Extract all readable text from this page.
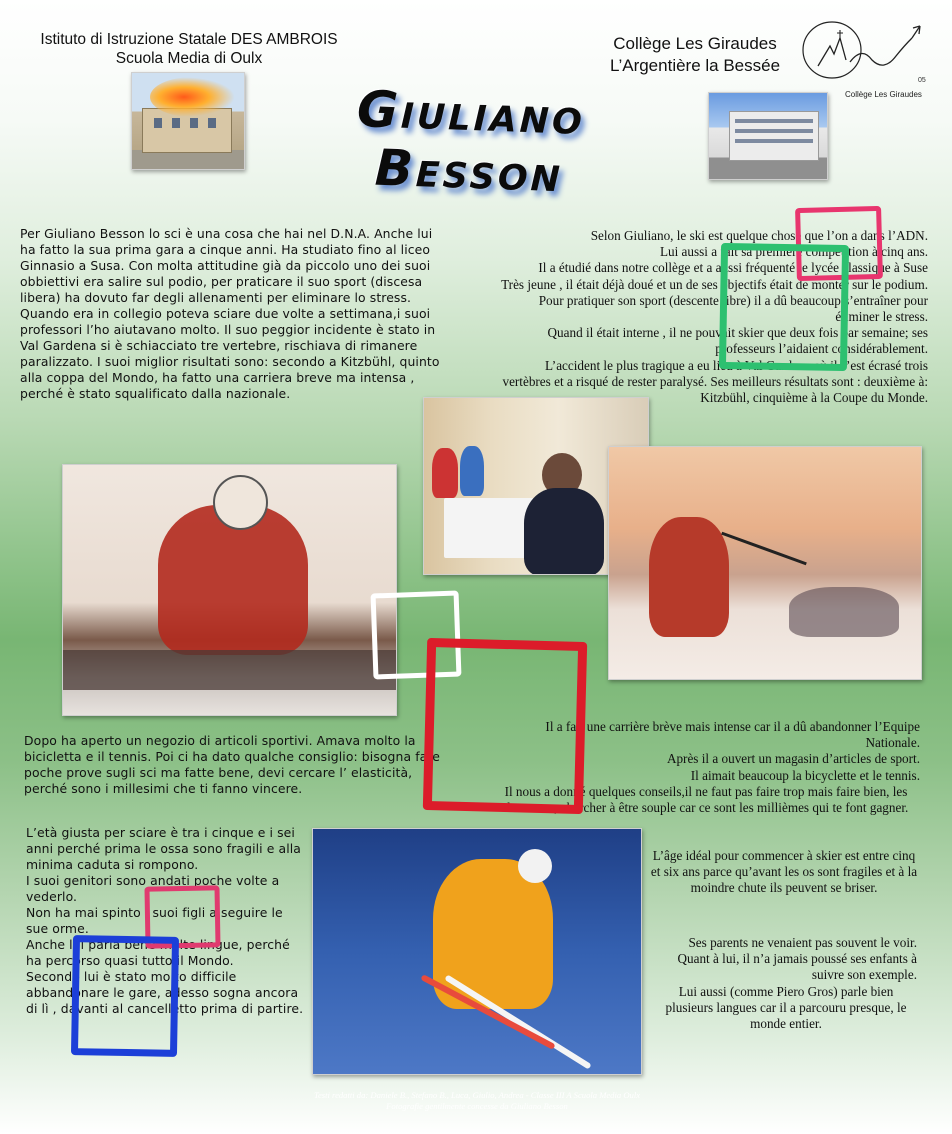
Istituto di Istruzione Statale DES AMBROIS
Scuola Media di Oulx
Giuliano
Besson
Collège Les Giraudes
L’Argentière la Bessée
05
Collège Les Giraudes
Per Giuliano Besson lo sci è una cosa che hai nel D.N.A. Anche lui ha fatto la sua prima gara a cinque anni. Ha studiato fino al liceo Ginnasio a Susa. Con molta attitudine già da piccolo uno dei suoi obbiettivi era salire sul podio, per praticare il suo sport (discesa libera) ha dovuto far degli allenamenti per eliminare lo stress. Quando era in collegio poteva sciare due volte a settimana,i suoi professori l’ho aiutavano molto. Il suo peggior incidente è stato in Val Gardena si è schiacciato tre vertebre, rischiava di rimanere paralizzato. I suoi miglior risultati sono: secondo a Kitzbühl, quinto alla coppa del Mondo, ha fatto una carriera breve ma intensa , perché è stato squalificato dalla nazionale.
Selon Giuliano, le ski est quelque chose que l’on a dans l’ADN.
Lui aussi a fait sa première compétition à cinq ans.
Il a étudié dans notre collège et a aussi fréquenté le lycée classique à Suse
Très jeune , il était déjà doué et un de ses objectifs était de monter sur le podium. Pour pratiquer son sport (descente libre) il a dû beaucoup s’entraîner pour éliminer le stress.
Quand il était interne , il ne pouvait skier que deux fois par semaine; ses professeurs l’aidaient considérablement.
L’accident le plus tragique a eu lieu à Val Gardena où il s’est écrasé trois vertèbres et a risqué de rester paralysé. Ses meilleurs résultats sont : deuxième à: Kitzbühl, cinquième à la Coupe du Monde.
Dopo ha aperto un negozio di articoli sportivi. Amava molto la bicicletta e il tennis. Poi ci ha dato qualche consiglio: bisogna fare poche prove sugli sci ma fatte bene, devi cercare l’ elasticità, perché sono i millesimi che ti fanno vincere.
L’età giusta per sciare è tra i cinque e i sei anni perché prima le ossa sono fragili e alla minima caduta si rompono.
I suoi genitori sono andati poche volte a vederlo.
Non ha mai spinto i suoi figli a seguire le sue orme.
Anche lui parla bene molte lingue, perché ha percorso quasi tutto il Mondo.
Secondo lui è stato molto difficile abbandonare le gare, adesso sogna ancora di lì , davanti al cancelletto prima di partire.
Il a fait une carrière brève mais intense car il a dû abandonner l’Equipe Nationale.
Après il a ouvert un magasin d’articles de sport.
Il aimait beaucoup la bicyclette et le tennis.
Il nous a donné quelques conseils,il ne faut pas faire trop mais faire bien, les descentes, chercher à être souple car ce sont les millièmes qui te font gagner.
L’âge idéal pour commencer à skier est entre cinq et six ans parce qu’avant les os sont fragiles et à la moindre chute ils peuvent se briser.
Ses parents ne venaient pas souvent le voir.
Quant à lui, il n’a jamais poussé ses enfants à suivre son exemple.
Lui aussi (comme Piero Gros) parle bien plusieurs langues car il a parcouru presque, le monde entier.
Testi redatti da: Daniele B., Stefano B., Luca, Giulio, Andrea - Classe III A Scuola Media Oulx
Fotografie gentilmente concesse da Giuliano Besson
